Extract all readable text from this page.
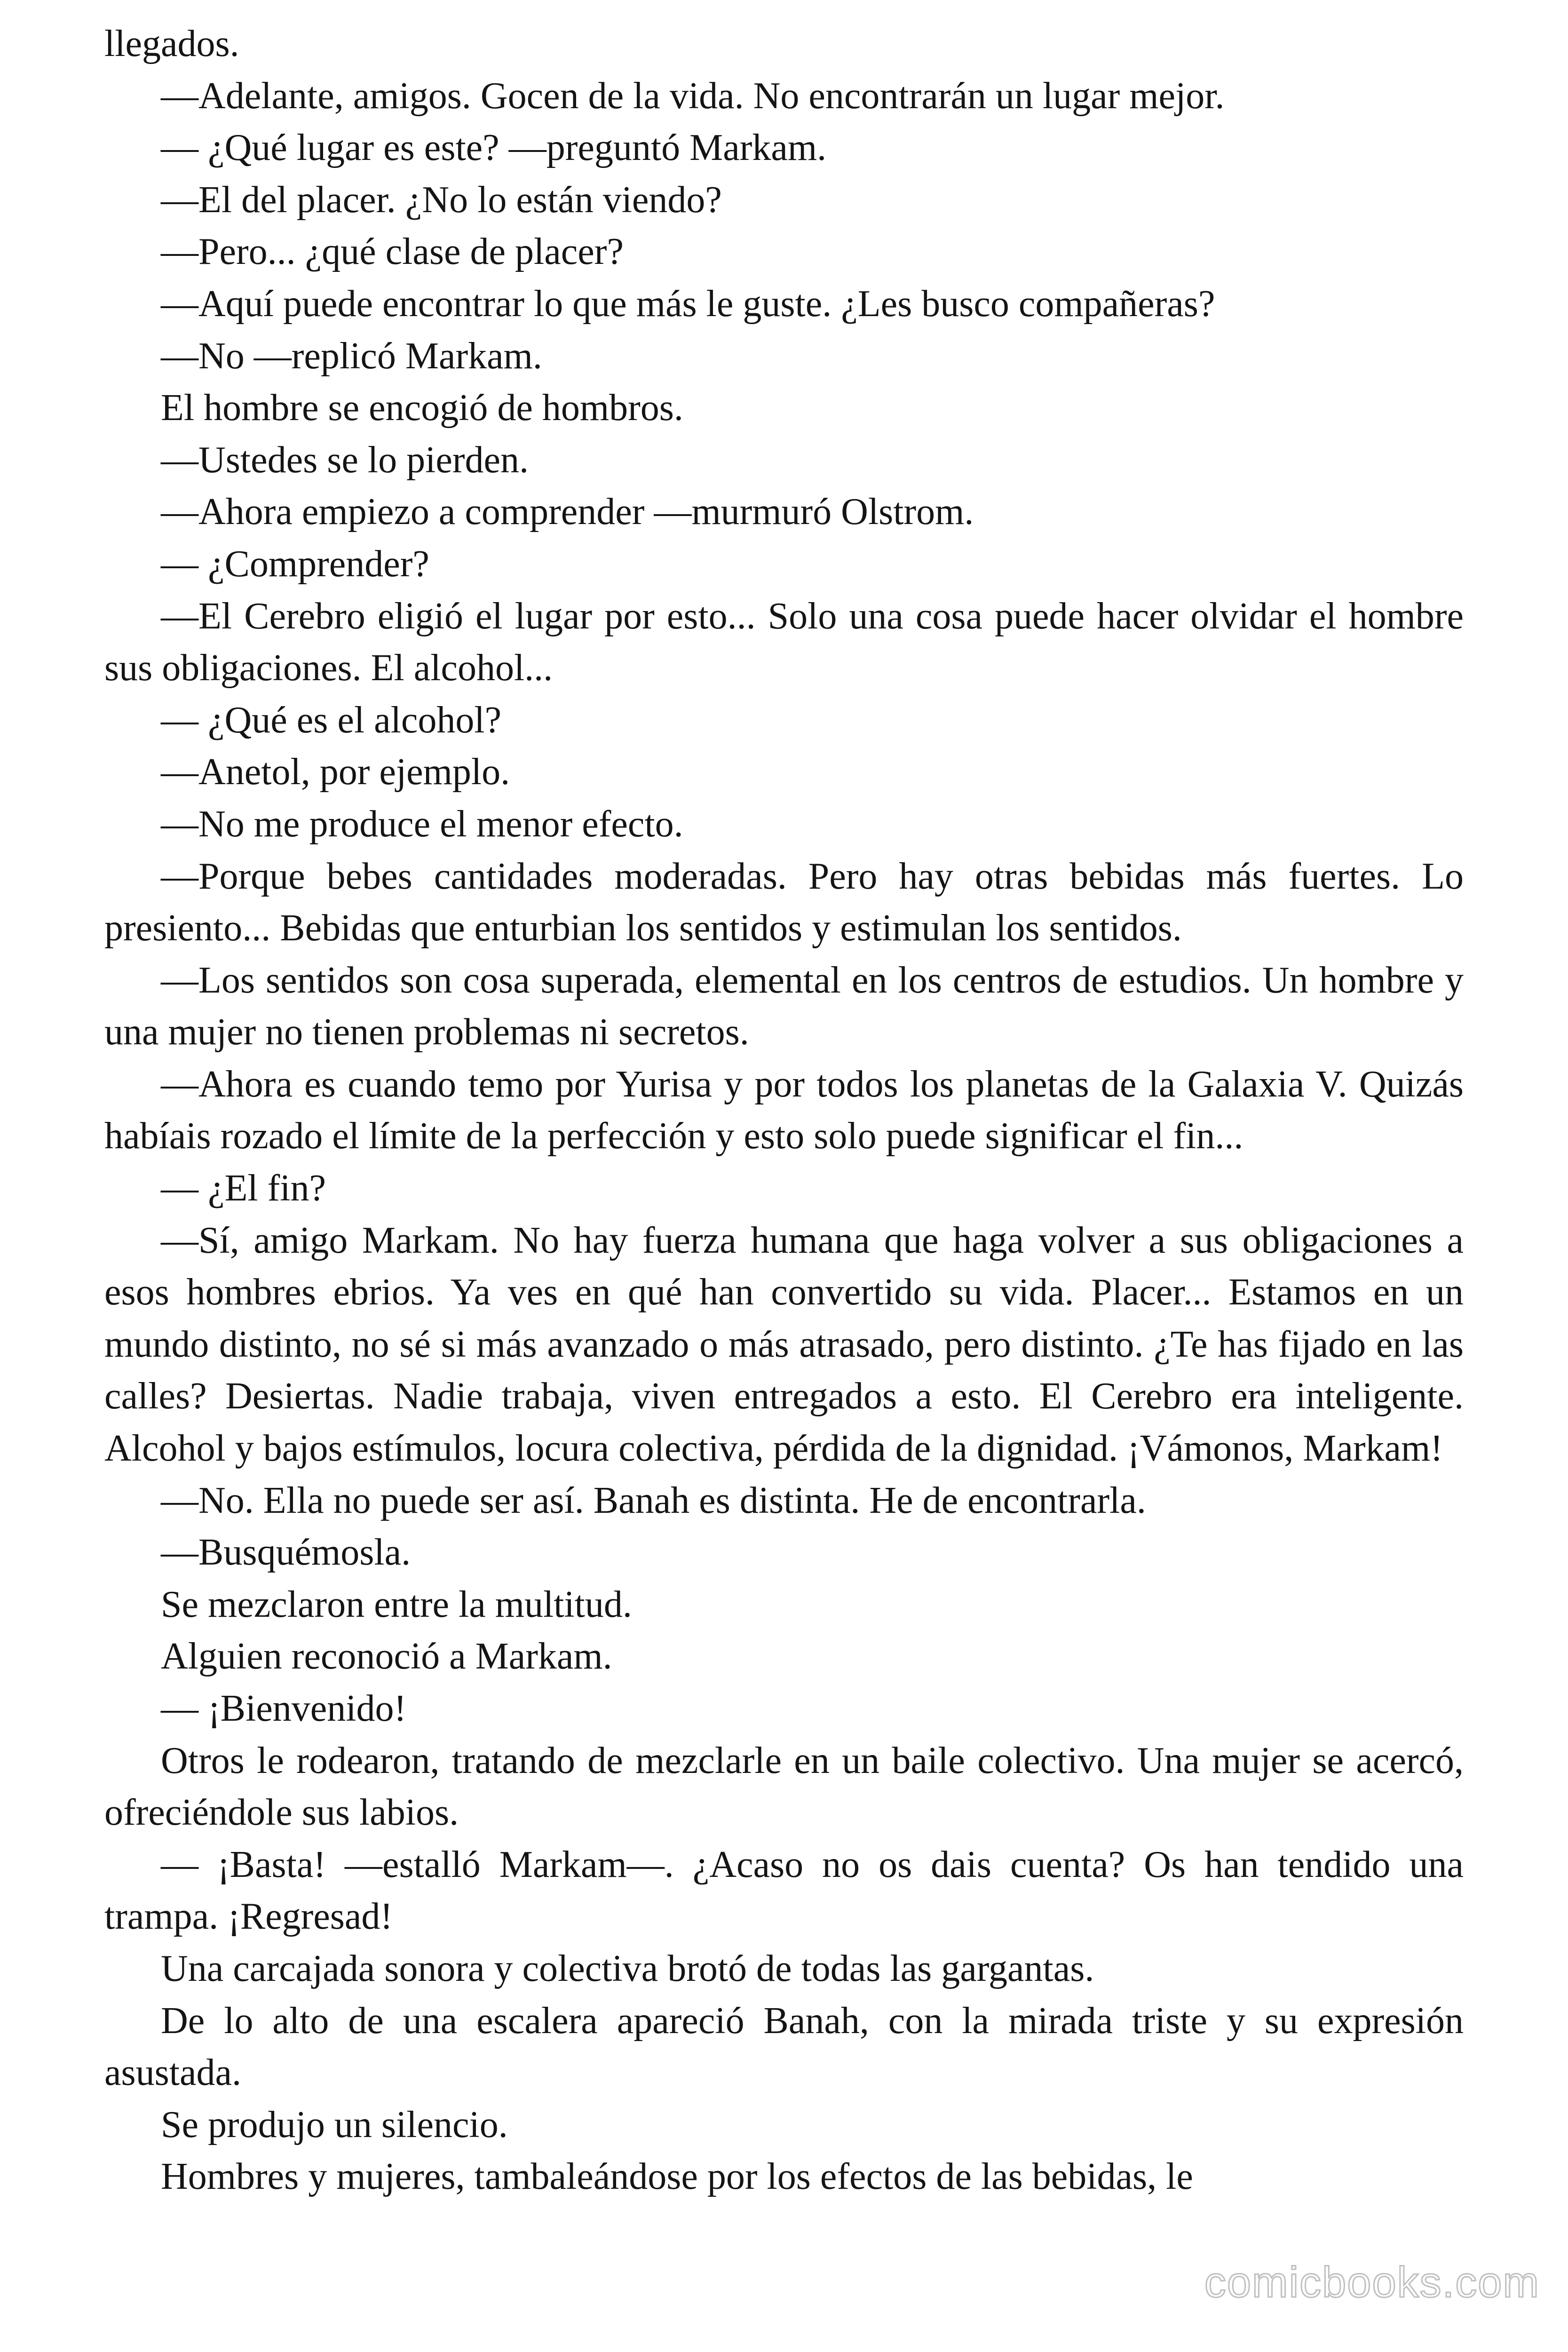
llegados.

—Adelante, amigos. Gocen de la vida. No encontrarán un lugar mejor.

— ¿Qué lugar es este? —preguntó Markam.

—El del placer. ¿No lo están viendo?

—Pero... ¿qué clase de placer?

—Aquí puede encontrar lo que más le guste. ¿Les busco compañeras?

—No —replicó Markam.

El hombre se encogió de hombros.

—Ustedes se lo pierden.

—Ahora empiezo a comprender —murmuró Olstrom.

— ¿Comprender?

—El Cerebro eligió el lugar por esto... Solo una cosa puede hacer olvidar el hombre sus obligaciones. El alcohol...

— ¿Qué es el alcohol?

—Anetol, por ejemplo.

—No me produce el menor efecto.

—Porque bebes cantidades moderadas. Pero hay otras bebidas más fuertes. Lo presiento... Bebidas que enturbian los sentidos y estimulan los sentidos.

—Los sentidos son cosa superada, elemental en los centros de estudios. Un hombre y una mujer no tienen problemas ni secretos.

—Ahora es cuando temo por Yurisa y por todos los planetas de la Galaxia V. Quizás habíais rozado el límite de la perfección y esto solo puede significar el fin...

— ¿El fin?

—Sí, amigo Markam. No hay fuerza humana que haga volver a sus obligaciones a esos hombres ebrios. Ya ves en qué han convertido su vida. Placer... Estamos en un mundo distinto, no sé si más avanzado o más atrasado, pero distinto. ¿Te has fijado en las calles? Desiertas. Nadie trabaja, viven entregados a esto. El Cerebro era inteligente. Alcohol y bajos estímulos, locura colectiva, pérdida de la dignidad. ¡Vámonos, Markam!

—No. Ella no puede ser así. Banah es distinta. He de encontrarla.

—Busquémosla.

Se mezclaron entre la multitud.

Alguien reconoció a Markam.

— ¡Bienvenido!

Otros le rodearon, tratando de mezclarle en un baile colectivo. Una mujer se acercó, ofreciéndole sus labios.

— ¡Basta! —estalló Markam—. ¿Acaso no os dais cuenta? Os han tendido una trampa. ¡Regresad!

Una carcajada sonora y colectiva brotó de todas las gargantas.

De lo alto de una escalera apareció Banah, con la mirada triste y su expresión asustada.

Se produjo un silencio.

Hombres y mujeres, tambaleándose por los efectos de las bebidas, le

comicbooks.com
